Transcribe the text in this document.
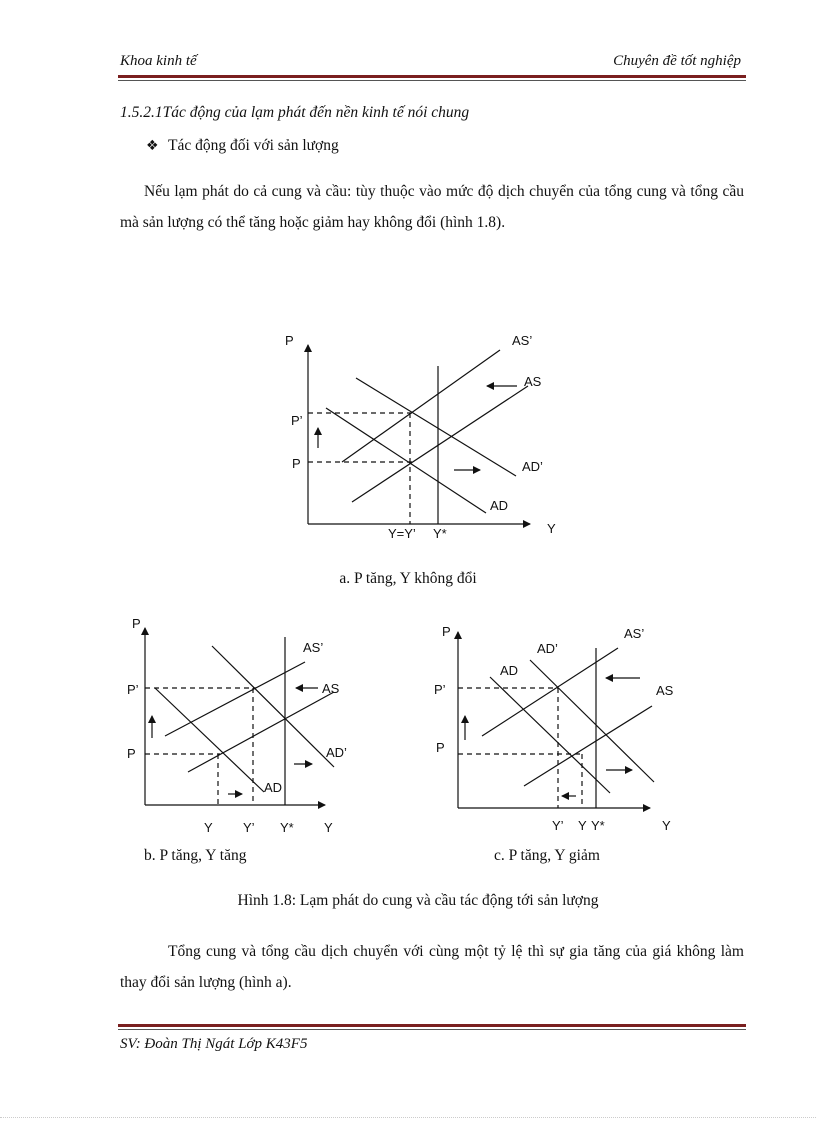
Khoa kinh tế	Chuyên đề tốt nghiệp
1.5.2.1Tác động của lạm phát đến nền kinh tế nói chung
❖ Tác động đối với sản lượng
Nếu lạm phát do cả cung và cầu: tùy thuộc vào mức độ dịch chuyển của tổng cung và tổng cầu mà sản lượng có thể tăng hoặc giảm hay không đổi (hình 1.8).
P	AS’
AS
P’
P	AD’
AD
Y=Y’ Y*	Y
P
AS’
P’	AS
P	AD’
AD
Y Y’ Y* Y
P	AS’
AD’
AD
P’	AS
P
Y’ Y Y*	Y
a. P tăng, Y không đổi
b. P tăng, Y tăng	c. P tăng, Y giảm
Hình 1.8: Lạm phát do cung và cầu tác động tới sản lượng
Tổng cung và tổng cầu dịch chuyển với cùng một tỷ lệ thì sự gia tăng của giá không làm thay đổi sản lượng (hình a).
SV: Đoàn Thị Ngát Lớp K43F5
